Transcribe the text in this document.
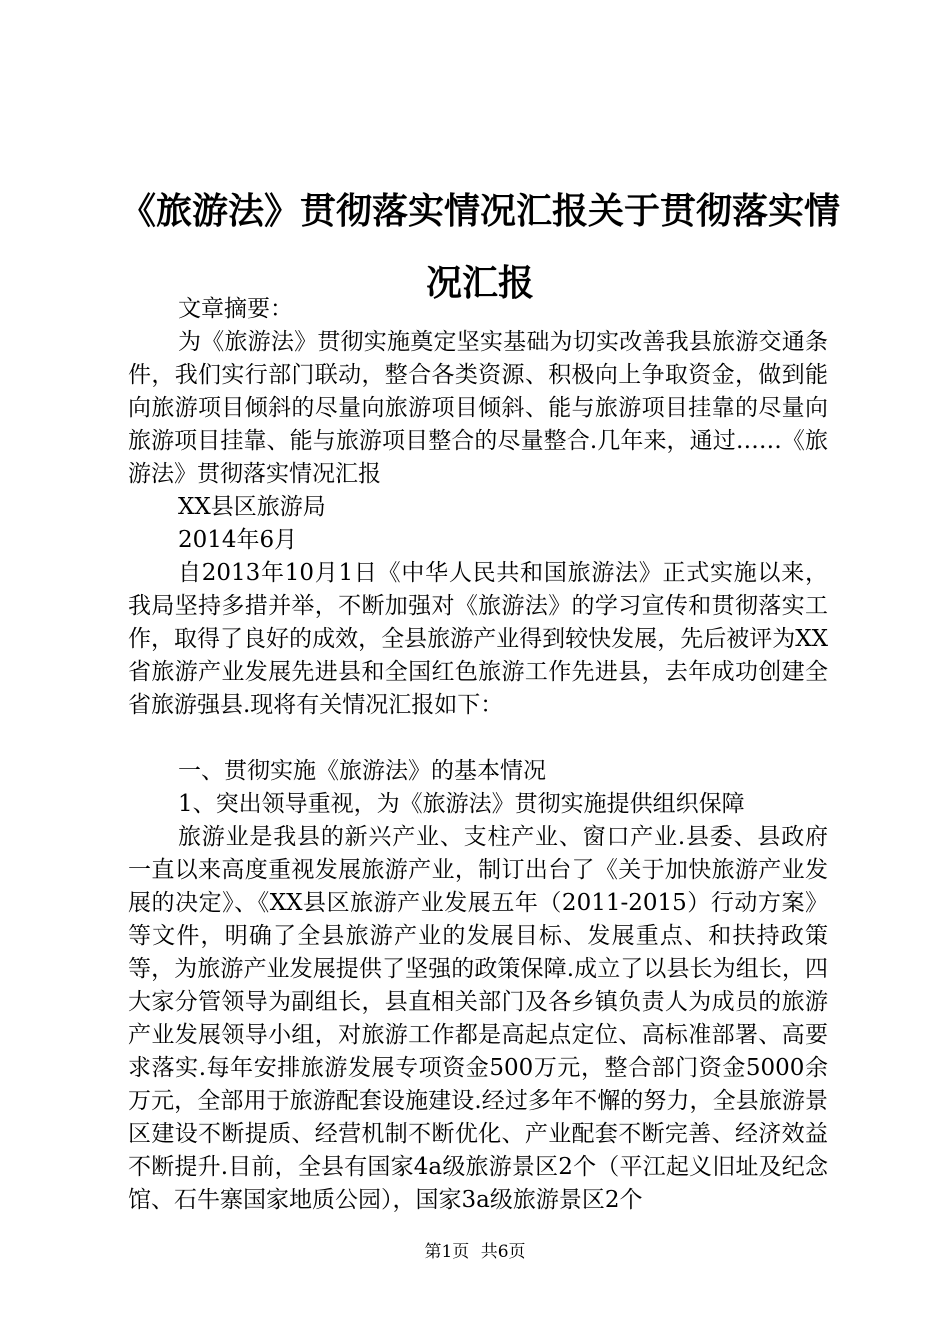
《旅游法》贯彻落实情况汇报关于贯彻落实情
况汇报

文章摘要：

为《旅游法》贯彻实施奠定坚实基础为切实改善我县旅游交通条件，我们实行部门联动，整合各类资源、积极向上争取资金，做到能向旅游项目倾斜的尽量向旅游项目倾斜、能与旅游项目挂靠的尽量向旅游项目挂靠、能与旅游项目整合的尽量整合.几年来，通过……《旅游法》贯彻落实情况汇报

XX县区旅游局

2014年6月

自2013年10月1日《中华人民共和国旅游法》正式实施以来，我局坚持多措并举，不断加强对《旅游法》的学习宣传和贯彻落实工作，取得了良好的成效，全县旅游产业得到较快发展，先后被评为XX省旅游产业发展先进县和全国红色旅游工作先进县，去年成功创建全省旅游强县.现将有关情况汇报如下：

一、贯彻实施《旅游法》的基本情况

1、突出领导重视，为《旅游法》贯彻实施提供组织保障

旅游业是我县的新兴产业、支柱产业、窗口产业.县委、县政府一直以来高度重视发展旅游产业，制订出台了《关于加快旅游产业发展的决定》、《XX县区旅游产业发展五年（2011-2015）行动方案》等文件，明确了全县旅游产业的发展目标、发展重点、和扶持政策等，为旅游产业发展提供了坚强的政策保障.成立了以县长为组长，四大家分管领导为副组长，县直相关部门及各乡镇负责人为成员的旅游产业发展领导小组，对旅游工作都是高起点定位、高标准部署、高要求落实.每年安排旅游发展专项资金500万元，整合部门资金5000余万元，全部用于旅游配套设施建设.经过多年不懈的努力，全县旅游景区建设不断提质、经营机制不断优化、产业配套不断完善、经济效益不断提升.目前，全县有国家4a级旅游景区2个（平江起义旧址及纪念馆、石牛寨国家地质公园），国家3a级旅游景区2个

第1页 共6页
